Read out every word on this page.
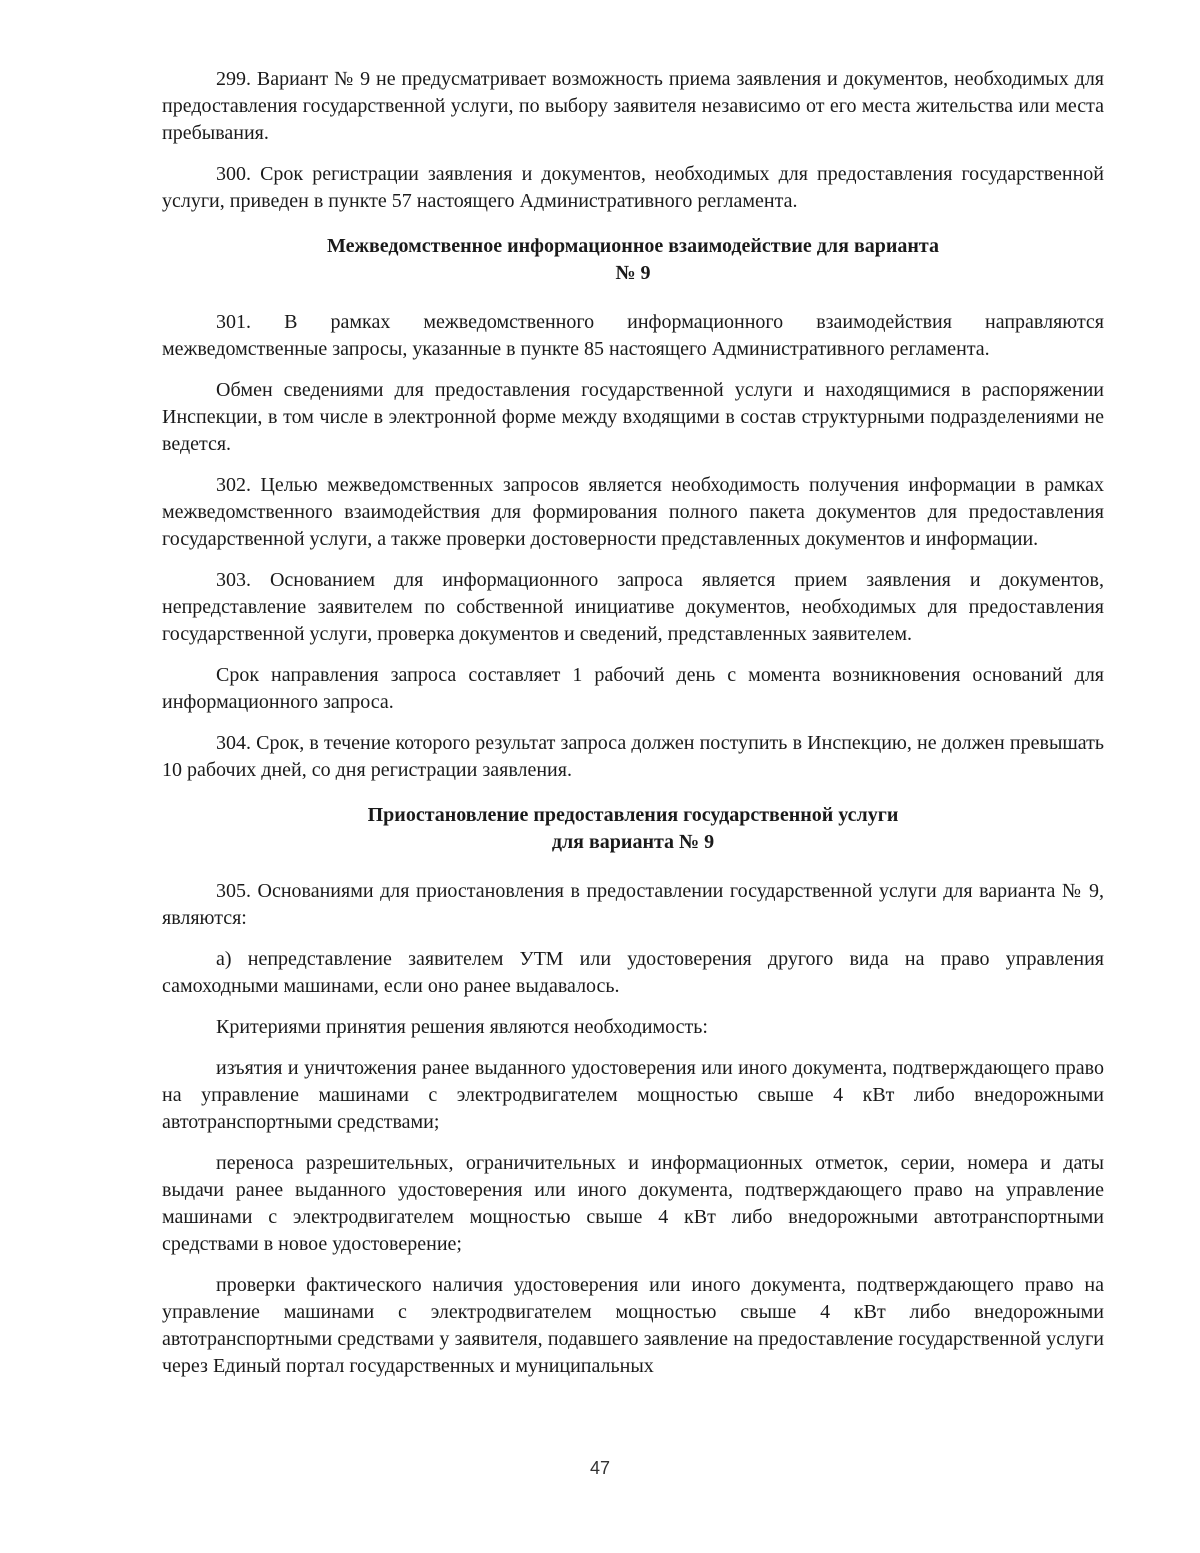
299. Вариант № 9 не предусматривает возможность приема заявления и документов, необходимых для предоставления государственной услуги, по выбору заявителя независимо от его места жительства или места пребывания.

300. Срок регистрации заявления и документов, необходимых для предоставления государственной услуги, приведен в пункте 57 настоящего Административного регламента.

Межведомственное информационное взаимодействие для варианта
№ 9

301. В рамках межведомственного информационного взаимодействия направляются межведомственные запросы, указанные в пункте 85 настоящего Административного регламента.

Обмен сведениями для предоставления государственной услуги и находящимися в распоряжении Инспекции, в том числе в электронной форме между входящими в состав структурными подразделениями не ведется.

302. Целью межведомственных запросов является необходимость получения информации в рамках межведомственного взаимодействия для формирования полного пакета документов для предоставления государственной услуги, а также проверки достоверности представленных документов и информации.

303. Основанием для информационного запроса является прием заявления и документов, непредставление заявителем по собственной инициативе документов, необходимых для предоставления государственной услуги, проверка документов и сведений, представленных заявителем.

Срок направления запроса составляет 1 рабочий день с момента возникновения оснований для информационного запроса.

304. Срок, в течение которого результат запроса должен поступить в Инспекцию, не должен превышать 10 рабочих дней, со дня регистрации заявления.

Приостановление предоставления государственной услуги
для варианта № 9

305. Основаниями для приостановления в предоставлении государственной услуги для варианта № 9, являются:

а) непредставление заявителем УТМ или удостоверения другого вида на право управления самоходными машинами, если оно ранее выдавалось.

Критериями принятия решения являются необходимость:

изъятия и уничтожения ранее выданного удостоверения или иного документа, подтверждающего право на управление машинами с электродвигателем мощностью свыше 4 кВт либо внедорожными автотранспортными средствами;

переноса разрешительных, ограничительных и информационных отметок, серии, номера и даты выдачи ранее выданного удостоверения или иного документа, подтверждающего право на управление машинами с электродвигателем мощностью свыше 4 кВт либо внедорожными автотранспортными средствами в новое удостоверение;

проверки фактического наличия удостоверения или иного документа, подтверждающего право на управление машинами с электродвигателем мощностью свыше 4 кВт либо внедорожными автотранспортными средствами у заявителя, подавшего заявление на предоставление государственной услуги через Единый портал государственных и муниципальных

47
